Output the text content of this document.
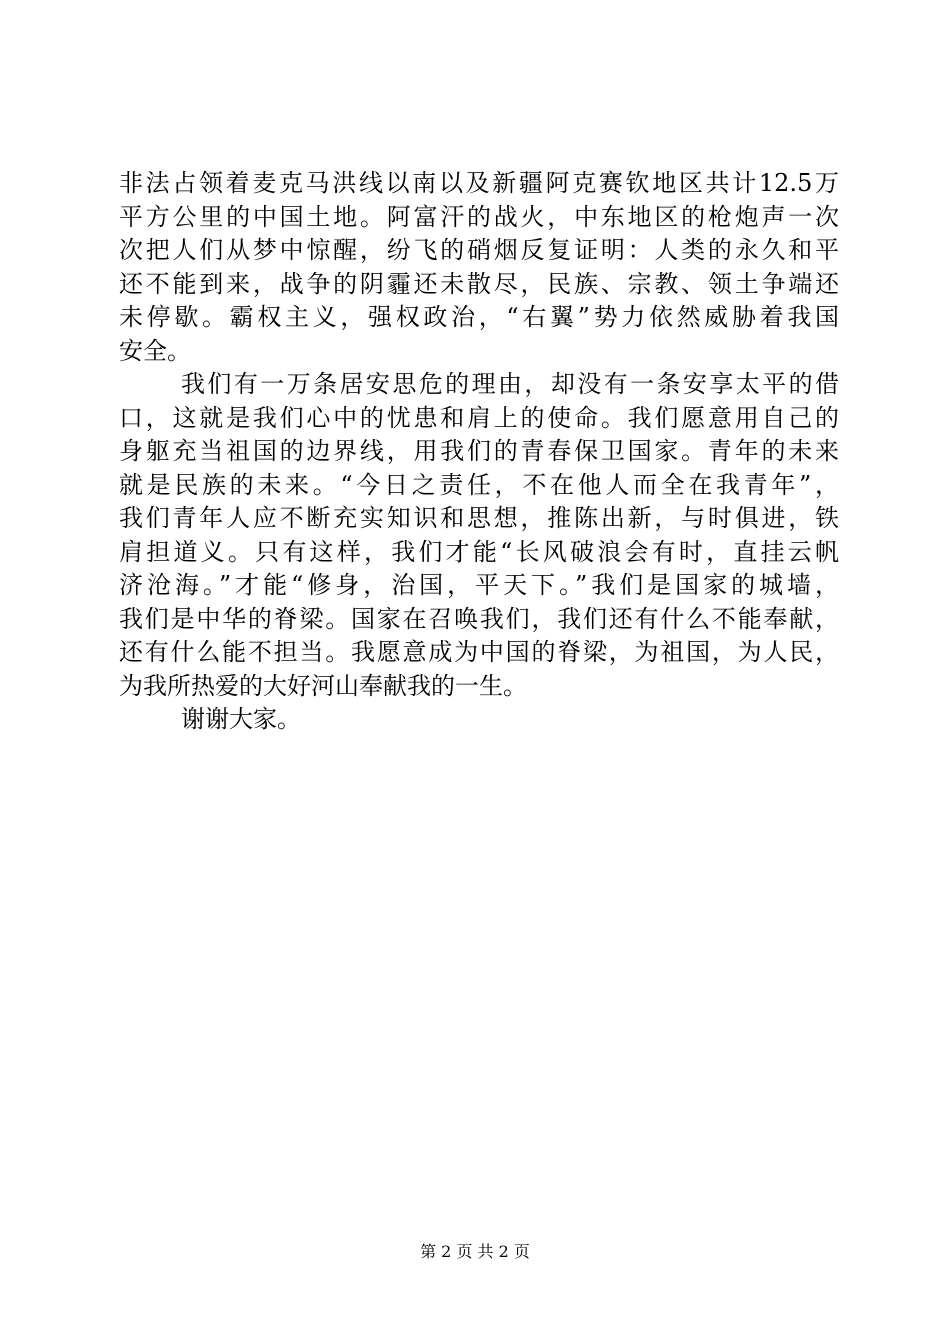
非法占领着麦克马洪线以南以及新疆阿克赛钦地区共计12.5万
平方公里的中国土地。阿富汗的战火，中东地区的枪炮声一次
次把人们从梦中惊醒，纷飞的硝烟反复证明：人类的永久和平
还不能到来，战争的阴霾还未散尽，民族、宗教、领土争端还
未停歇。霸权主义，强权政治，“右翼”势力依然威胁着我国
安全。
我们有一万条居安思危的理由，却没有一条安享太平的借
口，这就是我们心中的忧患和肩上的使命。我们愿意用自己的
身躯充当祖国的边界线，用我们的青春保卫国家。青年的未来
就是民族的未来。“今日之责任，不在他人而全在我青年”，
我们青年人应不断充实知识和思想，推陈出新，与时俱进，铁
肩担道义。只有这样，我们才能“长风破浪会有时，直挂云帆
济沧海。”才能“修身，治国，平天下。”我们是国家的城墙，
我们是中华的脊梁。国家在召唤我们，我们还有什么不能奉献，
还有什么能不担当。我愿意成为中国的脊梁，为祖国，为人民，
为我所热爱的大好河山奉献我的一生。
谢谢大家。
第 2 页 共 2 页
